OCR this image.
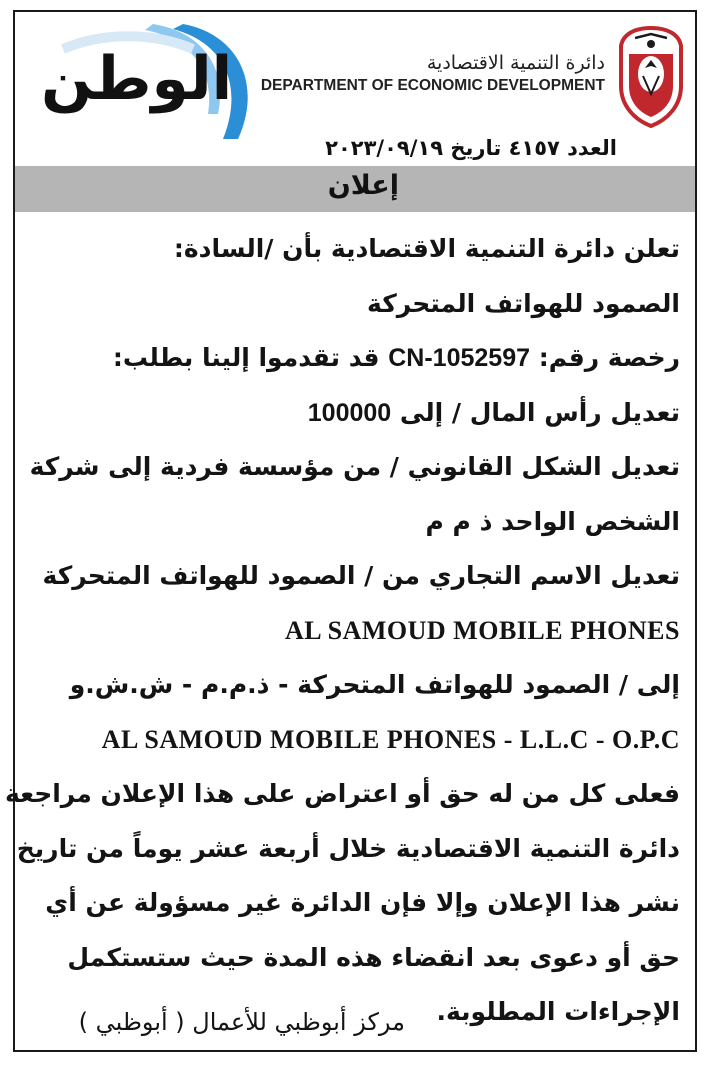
الوطن	دائرة التنمية الاقتصادية
DEPARTMENT OF ECONOMIC DEVELOPMENT
العدد ٤١٥٧ تاريخ ٢٠٢٣/٠٩/١٩
إعلان
تعلن دائرة التنمية الاقتصادية بأن /السادة:
الصمود للهواتف المتحركة
رخصة رقم: CN-1052597 قد تقدموا إلينا بطلب:
تعديل رأس المال / إلى 100000
تعديل الشكل القانوني / من مؤسسة فردية إلى شركة
الشخص الواحد ذ م م
تعديل الاسم التجاري من / الصمود للهواتف المتحركة
AL SAMOUD MOBILE PHONES
إلى / الصمود للهواتف المتحركة - ذ.م.م - ش.ش.و
AL SAMOUD MOBILE PHONES - L.L.C - O.P.C
فعلى كل من له حق أو اعتراض على هذا الإعلان مراجعة
دائرة التنمية الاقتصادية خلال أربعة عشر يوماً من تاريخ
نشر هذا الإعلان وإلا فإن الدائرة غير مسؤولة عن أي
حق أو دعوى بعد انقضاء هذه المدة حيث ستستكمل
الإجراءات المطلوبة.
مركز أبوظبي للأعمال ( أبوظبي )
